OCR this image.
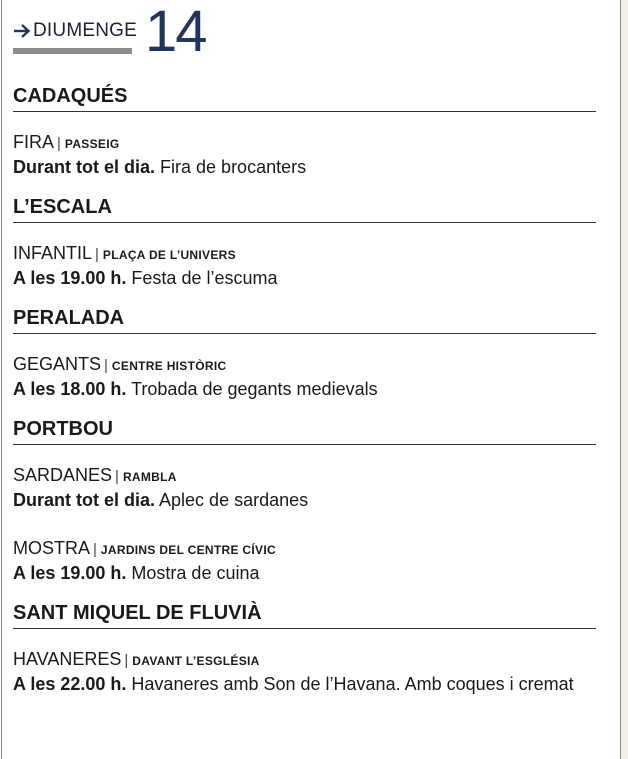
DIUMENGE 14
CADAQUÉS
FIRA | PASSEIG
Durant tot el dia. Fira de brocanters
L’ESCALA
INFANTIL | PLAÇA DE L’UNIVERS
A les 19.00 h. Festa de l’escuma
PERALADA
GEGANTS | CENTRE HISTÒRIC
A les 18.00 h. Trobada de gegants medievals
PORTBOU
SARDANES | RAMBLA
Durant tot el dia. Aplec de sardanes
MOSTRA | JARDINS DEL CENTRE CÍVIC
A les 19.00 h. Mostra de cuina
SANT MIQUEL DE FLUVIÀ
HAVANERES | DAVANT L’ESGLÉSIA
A les 22.00 h. Havaneres amb Son de l’Havana. Amb coques i cremat
